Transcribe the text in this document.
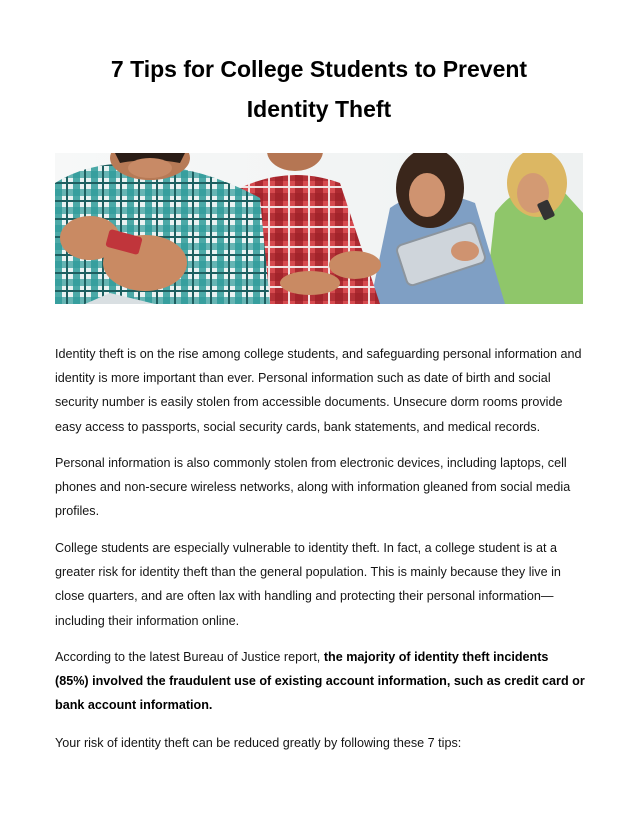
7 Tips for College Students to Prevent
Identity Theft

Identity theft is on the rise among college students, and safeguarding personal information and identity is more important than ever. Personal information such as date of birth and social security number is easily stolen from accessible documents. Unsecure dorm rooms provide easy access to passports, social security cards, bank statements, and medical records.

Personal information is also commonly stolen from electronic devices, including laptops, cell phones and non-secure wireless networks, along with information gleaned from social media profiles.

College students are especially vulnerable to identity theft. In fact, a college student is at a greater risk for identity theft than the general population. This is mainly because they live in close quarters, and are often lax with handling and protecting their personal information—including their information online.

According to the latest Bureau of Justice report, the majority of identity theft incidents (85%) involved the fraudulent use of existing account information, such as credit card or bank account information.

Your risk of identity theft can be reduced greatly by following these 7 tips:
